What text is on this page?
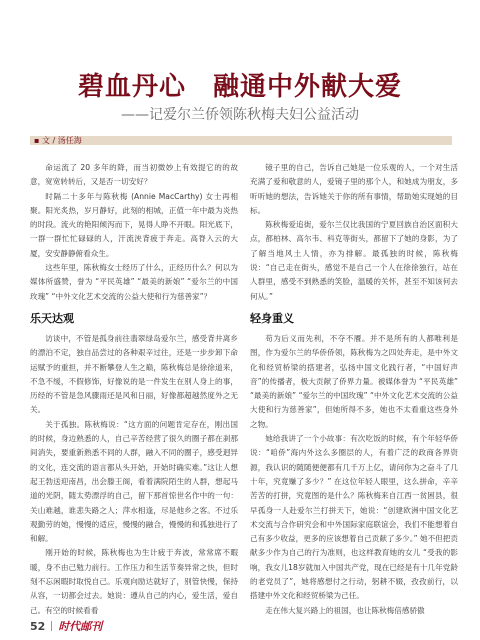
碧血丹心　融通中外献大爱
——记爱尔兰侨领陈秋梅夫妇公益活动
▪ 文 / 汤任海

命运流了 20 多年的降，而当初微妙上有效提它的的故意，宽宽转转后，又是否一切安好？

时隔二十多年与陈秋梅 (Annie MacCarthy) 女士再相聚。阳光炙热，岁月静好，此刻的相城，正值一年中最为炎热的时段。流火的艳阳倾泻而下，晃得人睁不开眼。阳光底下，一群一群忙忙碌碌的人，汗流浃背疲于奔走。高脊入云的大厦，安安静静俯看众生。

这些年里，陈秋梅女士经历了什么，正经历什么？何以为媒体所盛赞，誉为 “平民英雄” “最美的新娘” “爱尔兰的中国玫瑰” “中外文化艺术交流的公益大使和行为慈善家”？

乐天达观

访谈中，不管是孤身前往翡翠绿岛爱尔兰，感受背井离乡的漂泊不定，独自品尝过的各种艰辛过往，还是一步步卸下命运赋予的重担，并不断攀登人生之巅，陈秋梅总是徐徐道来，不急不缓，不假修饰，好像说的是一件发生在别人身上的事，历经的不管是急风骤雨还是风和日丽，好像都超越然度外之无关。

关于孤独。陈秋梅说：“这方面的问题肯定存在，刚出国的时候，身边熟悉的人，自己辛苦经营了很久的圈子都在刹那间消失，要重新熟悉不同的人群，融入不同的圈子，感受迥异的文化，连交流的语言都从头开始，开始时确实难。”这让人想起王勃送迎南昌，出会滕王阁，看着满院陌生的人群，想起马道的光阴，随太势漂浮的自己，留下那首惊世名作中的一句：关山难越，谁悲失路之人；萍水相逢，尽是他乡之客。不过乐观勤劳的她，慢慢的适应，慢慢的融合，慢慢的和孤独进行了和解。

刚开始的时候，陈秋梅也为生计疲于奔波，常常席不暇暖，身不由己勉力前行。工作压力和生活节奏异常之快，但时刻不忘闲暇时取悦自己。乐观向励达就好了，别管快慢，保持从容，一切都会过去。她说：遵从自己的内心，爱生活，爱自己。有空的时候看看

镜子里的自己，告诉自己她是一位乐观的人，一个对生活充满了爱和敬意的人，爱镜子里的那个人，和她成为朋友，多听听她的想法，告诉她关于你的所有事情，帮助她实现她的目标。

陈秋梅爱追街，爱尔兰仅比我国的宁夏回族自治区面积大点，都柏林、高尔韦、科克等街头，都留下了她的身影，为了了解当地风土人情，亦为排解。最孤独的时候，陈秋梅说：“自己走在街头，感觉不是自己一个人在徐徐独行，站在人群里，感受不到熟悉的笑脸，温暖的关怀，甚至不知该何去何从。”

轻身重义

苟为后义而先利，不夺不餍。并不是所有的人都唯利是图，作为爱尔兰的华侨侨领，陈秋梅为之四处奔走，是中外文化和经贸桥梁的搭建者，弘扬中国文化践行者，“中国好声音”的传播者，极大贡献了侨界力量。被媒体誉为 “平民英雄” “最美的新娘” “爱尔兰的中国玫瑰” “中外文化艺术交流的公益大使和行为慈善家”，但她所得不多，她也不太看重这些身外之物。

她给我讲了一个小故事：有次吃饭的时候，有个年轻华侨说：“咱侨”海内外这么多圈层的人，有着广泛的政商各界资源，我认识的随随便便都有几千万上亿，请问你为之奋斗了几十年，究竟赚了多少？” 在这位年轻人眼里，这么拼命，辛辛苦苦的打拼，究竟图的是什么？陈秋梅来自江西一贫困县，很早孤身一人赴爱尔兰打拼天下，她说：“创建欧洲中国文化艺术交流与合作研究会和中外国际家庭联谊会，我们不能想着自己有多少收益，更多的应该想着自己贡献了多少。” 她不但把贡献多少作为自己的行为准则，也这样教育她的女儿 “受我的影响，我女儿18岁就加入中国共产党，现在已经是有十几年党龄的老党员了”，她将感想付之行动，躬耕不辍，孜孜前行，以搭建中外文化和经贸桥梁为己任。

走在伟大复兴路上的祖国，也让陈秋梅倍感骄傲

52 时代邮刊
